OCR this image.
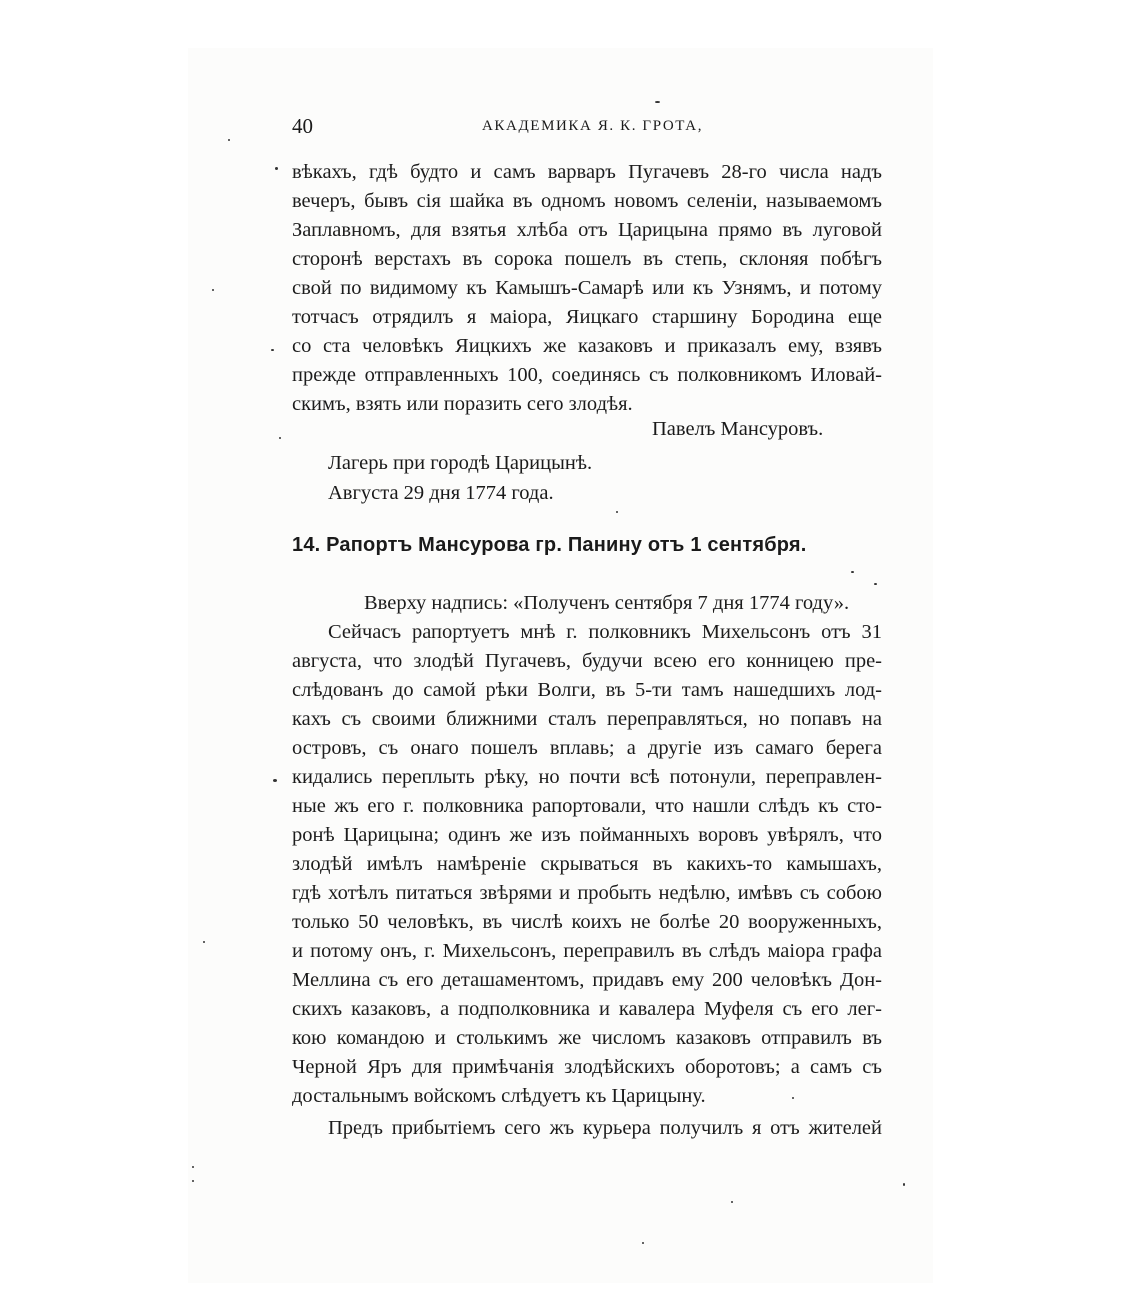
40	АКАДЕМИКА Я. К. ГРОТА,
вѣкахъ, гдѣ будто и самъ варваръ Пугачевъ 28-го числа надъ
вечеръ, бывъ сія шайка въ одномъ новомъ селеніи, называемомъ
Заплавномъ, для взятья хлѣба отъ Царицына прямо въ луговой
сторонѣ верстахъ въ сорока пошелъ въ степь, склоняя побѣгъ
свой по видимому къ Камышъ-Самарѣ или къ Узнямъ, и потому
тотчасъ отрядилъ я маіора, Яицкаго старшину Бородина еще
со ста человѣкъ Яицкихъ же казаковъ и приказалъ ему, взявъ
прежде отправленныхъ 100, соединясь съ полковникомъ Иловай-
скимъ, взять или поразить сего злодѣя.
Павелъ Мансуровъ.
Лагерь при городѣ Царицынѣ.
Августа 29 дня 1774 года.
14. Рапортъ Мансурова гр. Панину отъ 1 сентября.
Вверху надпись: «Полученъ сентября 7 дня 1774 году».
Сейчасъ рапортуетъ мнѣ г. полковникъ Михельсонъ отъ 31
августа, что злодѣй Пугачевъ, будучи всею его конницею пре-
слѣдованъ до самой рѣки Волги, въ 5-ти тамъ нашедшихъ лод-
кахъ съ своими ближними сталъ переправляться, но попавъ на
островъ, съ онаго пошелъ вплавь; а другіе изъ самаго берега
кидались переплыть рѣку, но почти всѣ потонули, переправлен-
ные жъ его г. полковника рапортовали, что нашли слѣдъ къ сто-
ронѣ Царицына; одинъ же изъ пойманныхъ воровъ увѣрялъ, что
злодѣй имѣлъ намѣреніе скрываться въ какихъ-то камышахъ,
гдѣ хотѣлъ питаться звѣрями и пробыть недѣлю, имѣвъ съ собою
только 50 человѣкъ, въ числѣ коихъ не болѣе 20 вооруженныхъ,
и потому онъ, г. Михельсонъ, переправилъ въ слѣдъ маіора графа
Меллина съ его деташаментомъ, придавъ ему 200 человѣкъ Дон-
скихъ казаковъ, а подполковника и кавалера Муфеля съ его лег-
кою командою и столькимъ же числомъ казаковъ отправилъ въ
Черной Яръ для примѣчанія злодѣйскихъ оборотовъ; а самъ съ
достальнымъ войскомъ слѣдуетъ къ Царицыну.
Предъ прибытіемъ сего жъ курьера получилъ я отъ жителей
